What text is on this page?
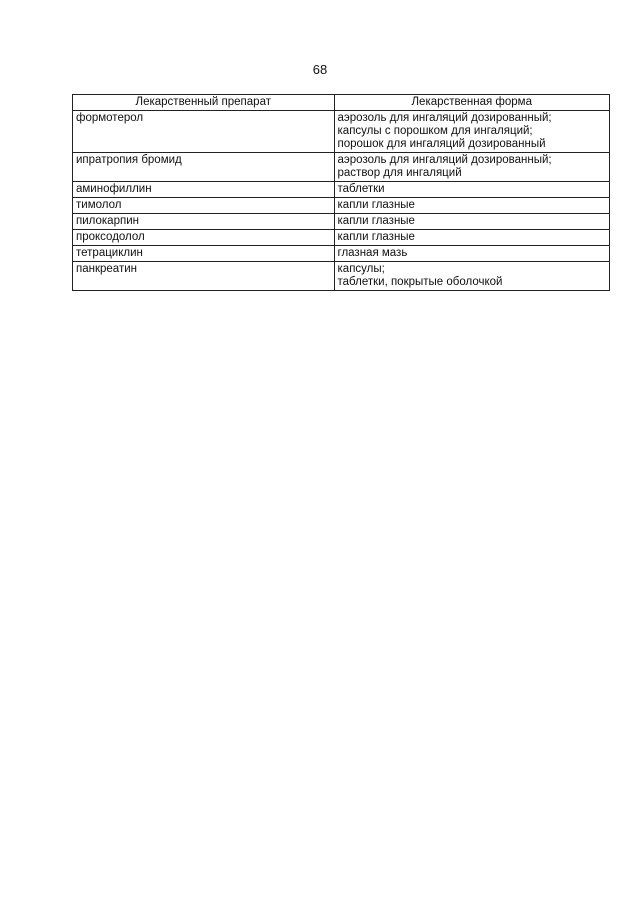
68
Лекарственный препарат	Лекарственная форма
формотерол	аэрозоль для ингаляций дозированный;
капсулы с порошком для ингаляций;
порошок для ингаляций дозированный

ипратропия бромид	аэрозоль для ингаляций дозированный;
раствор для ингаляций

аминофиллин	таблетки

тимолол	капли глазные

пилокарпин	капли глазные

проксодолол	капли глазные

тетрациклин	глазная мазь

панкреатин	капсулы;
таблетки, покрытые оболочкой
